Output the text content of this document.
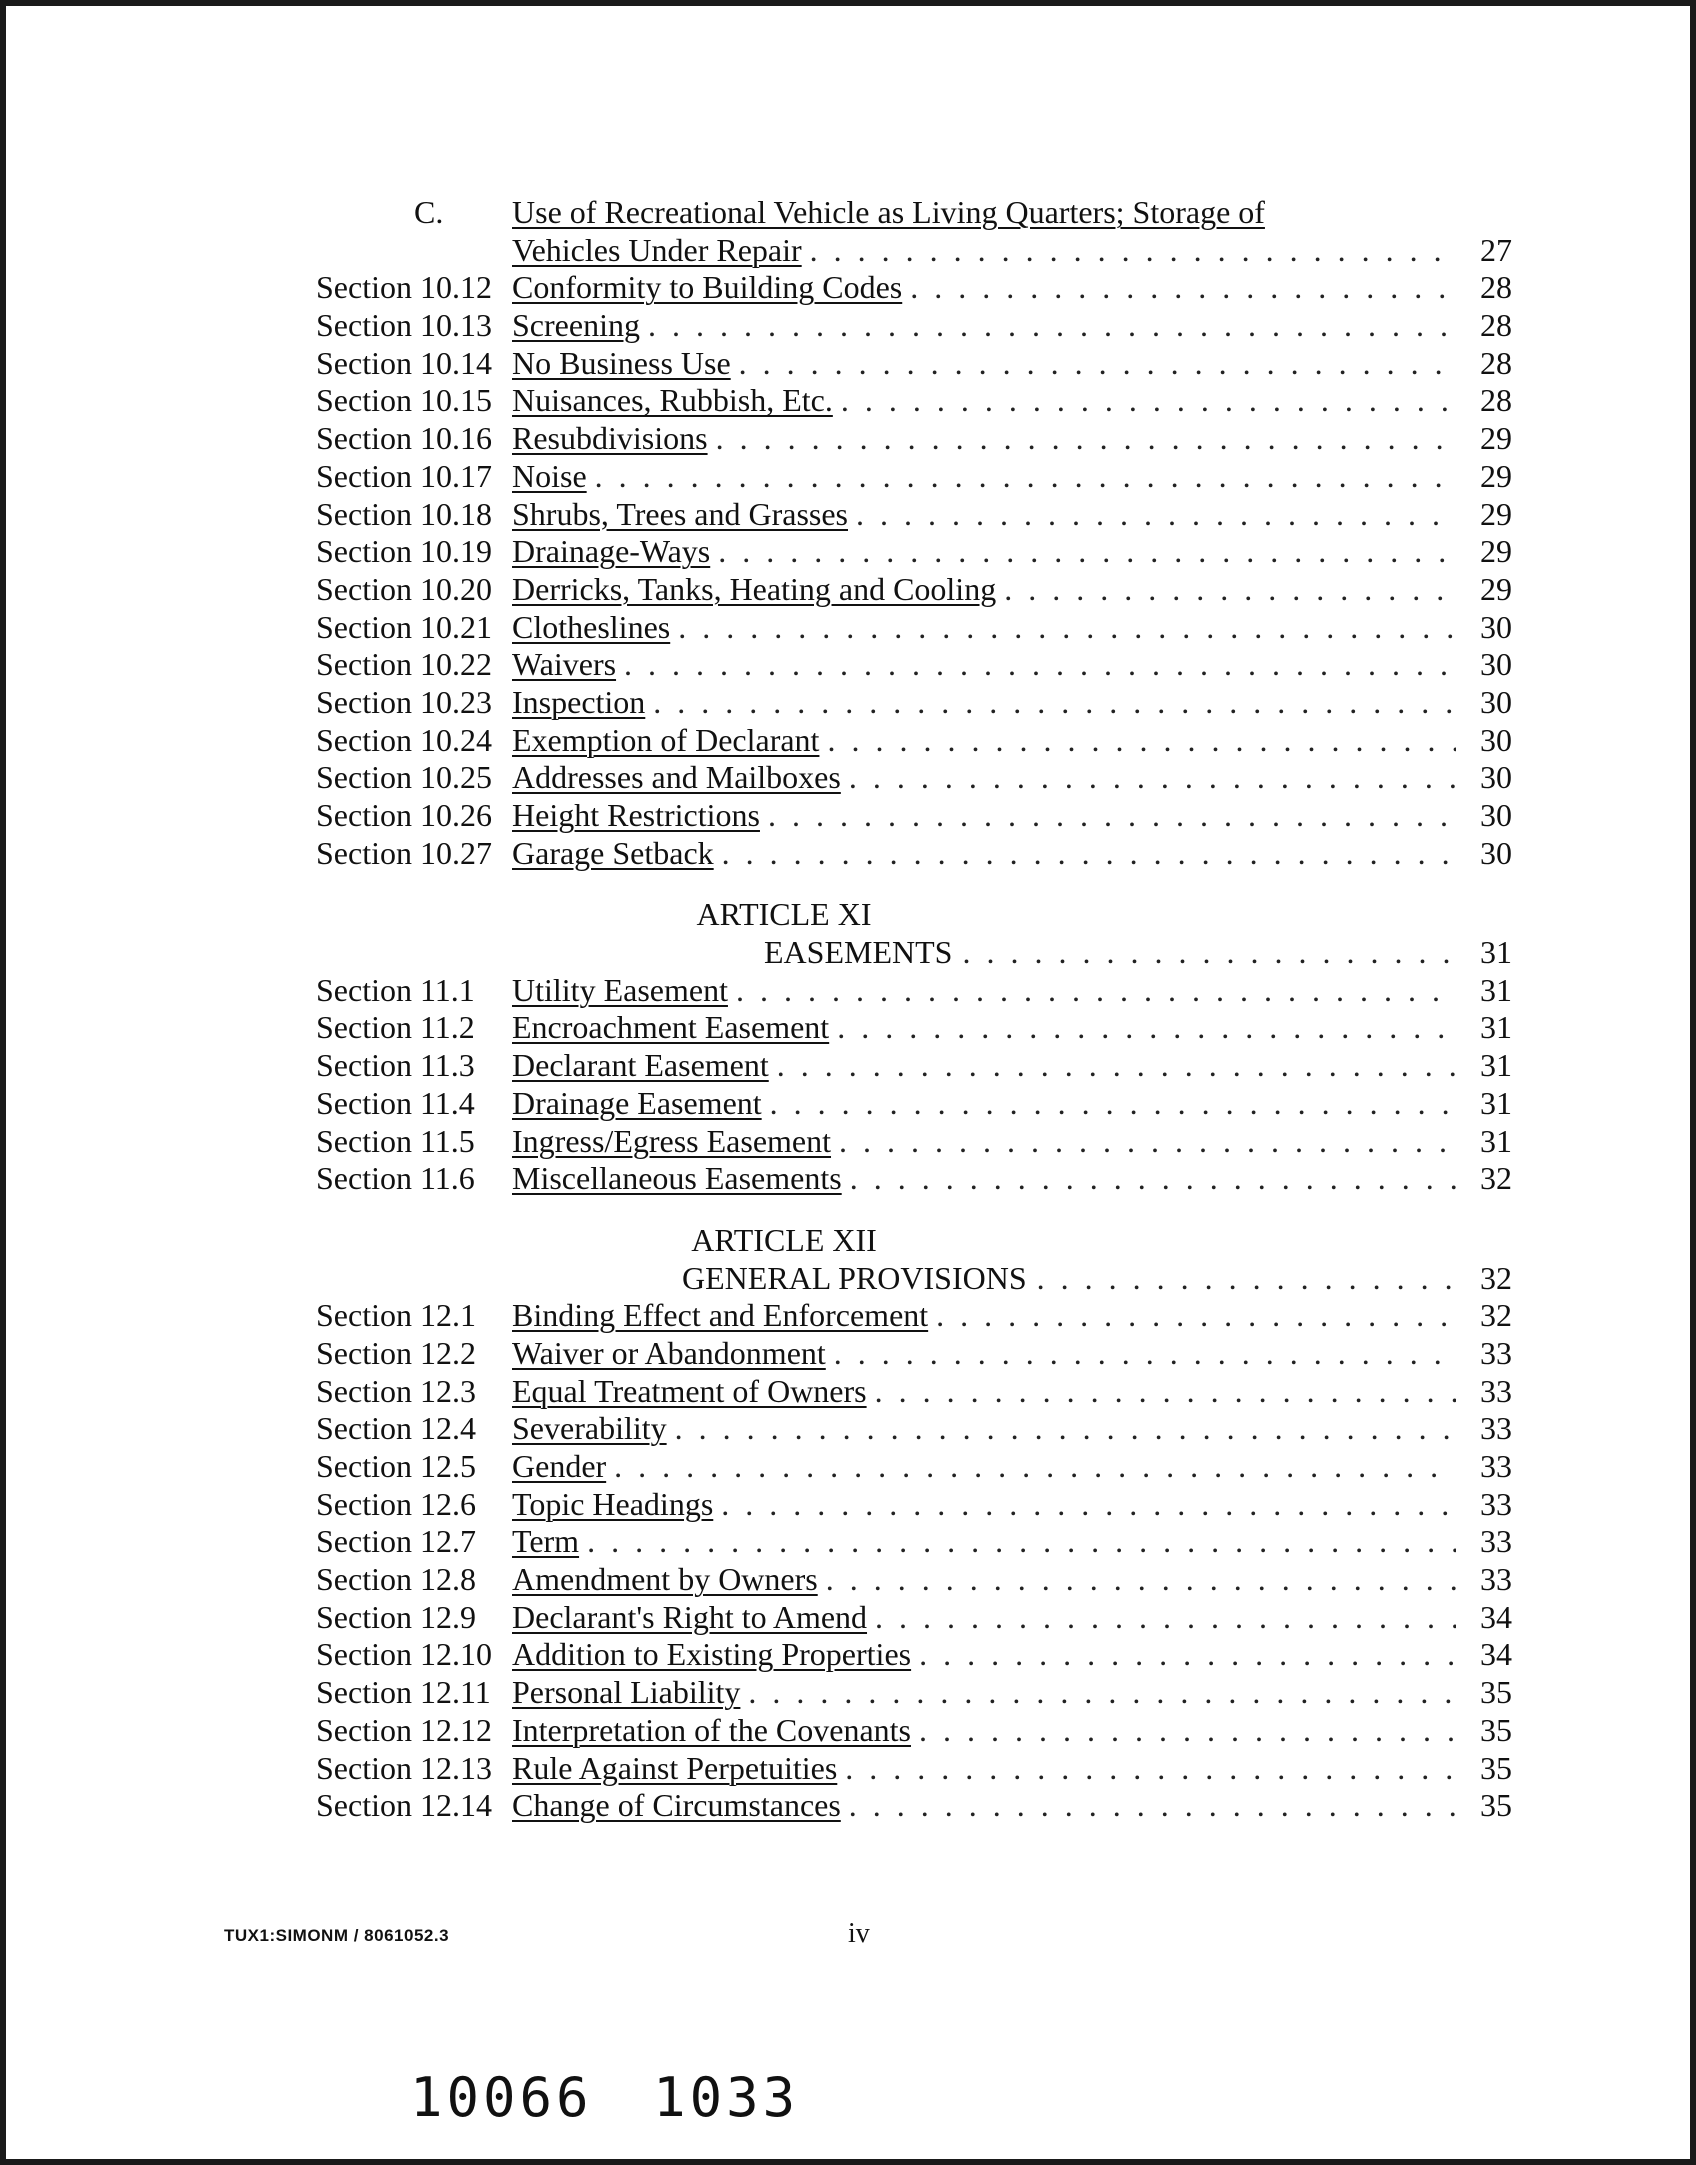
C.	Use of Recreational Vehicle as Living Quarters; Storage of
Vehicles Under Repair . . .	27
Section 10.12 Conformity to Building Codes . . .	28
Section 10.13 Screening . . .	28
Section 10.14 No Business Use . . .	28
Section 10.15 Nuisances, Rubbish, Etc. . . .	28
Section 10.16 Resubdivisions . . .	29
Section 10.17 Noise . . .	29
Section 10.18 Shrubs, Trees and Grasses . . .	29
Section 10.19 Drainage-Ways . . .	29
Section 10.20 Derricks, Tanks, Heating and Cooling . . .	29
Section 10.21 Clotheslines . . .	30
Section 10.22 Waivers . . .	30
Section 10.23 Inspection . . .	30
Section 10.24 Exemption of Declarant . . .	30
Section 10.25 Addresses and Mailboxes . . .	30
Section 10.26 Height Restrictions . . .	30
Section 10.27 Garage Setback . . .	30
ARTICLE XI
EASEMENTS . . .	31
Section 11.1	Utility Easement . . .	31
Section 11.2	Encroachment Easement . . .	31
Section 11.3	Declarant Easement . . .	31
Section 11.4	Drainage Easement . . .	31
Section 11.5	Ingress/Egress Easement . . .	31
Section 11.6	Miscellaneous Easements . . .	32
ARTICLE XII
GENERAL PROVISIONS . . .	32
Section 12.1	Binding Effect and Enforcement . . .	32
Section 12.2	Waiver or Abandonment . . .	33
Section 12.3	Equal Treatment of Owners . . .	33
Section 12.4	Severability . . .	33
Section 12.5	Gender . . .	33
Section 12.6	Topic Headings . . .	33
Section 12.7	Term . . .	33
Section 12.8	Amendment by Owners . . .	33
Section 12.9	Declarant's Right to Amend . . .	34
Section 12.10 Addition to Existing Properties . . .	34
Section 12.11 Personal Liability . . .	35
Section 12.12 Interpretation of the Covenants . . .	35
Section 12.13 Rule Against Perpetuities . . .	35
Section 12.14 Change of Circumstances . . .	35
TUX1:SIMONM / 8061052.3	iv
10066 1033
